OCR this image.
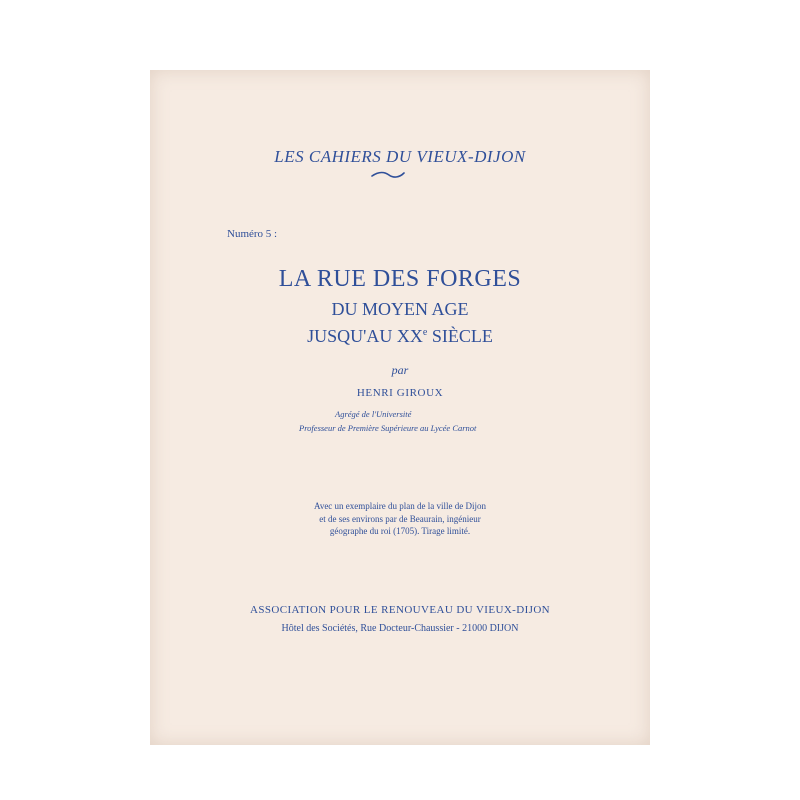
LES CAHIERS DU VIEUX-DIJON
Numéro 5 :
LA RUE DES FORGES
DU MOYEN AGE
JUSQU'AU XXe SIÈCLE
par
HENRI GIROUX
Agrégé de l'Université
Professeur de Première Supérieure au Lycée Carnot
Avec un exemplaire du plan de la ville de Dijon
et de ses environs par de Beaurain, ingénieur
géographe du roi (1705). Tirage limité.
ASSOCIATION POUR LE RENOUVEAU DU VIEUX-DIJON
Hôtel des Sociétés, Rue Docteur-Chaussier - 21000 DIJON
